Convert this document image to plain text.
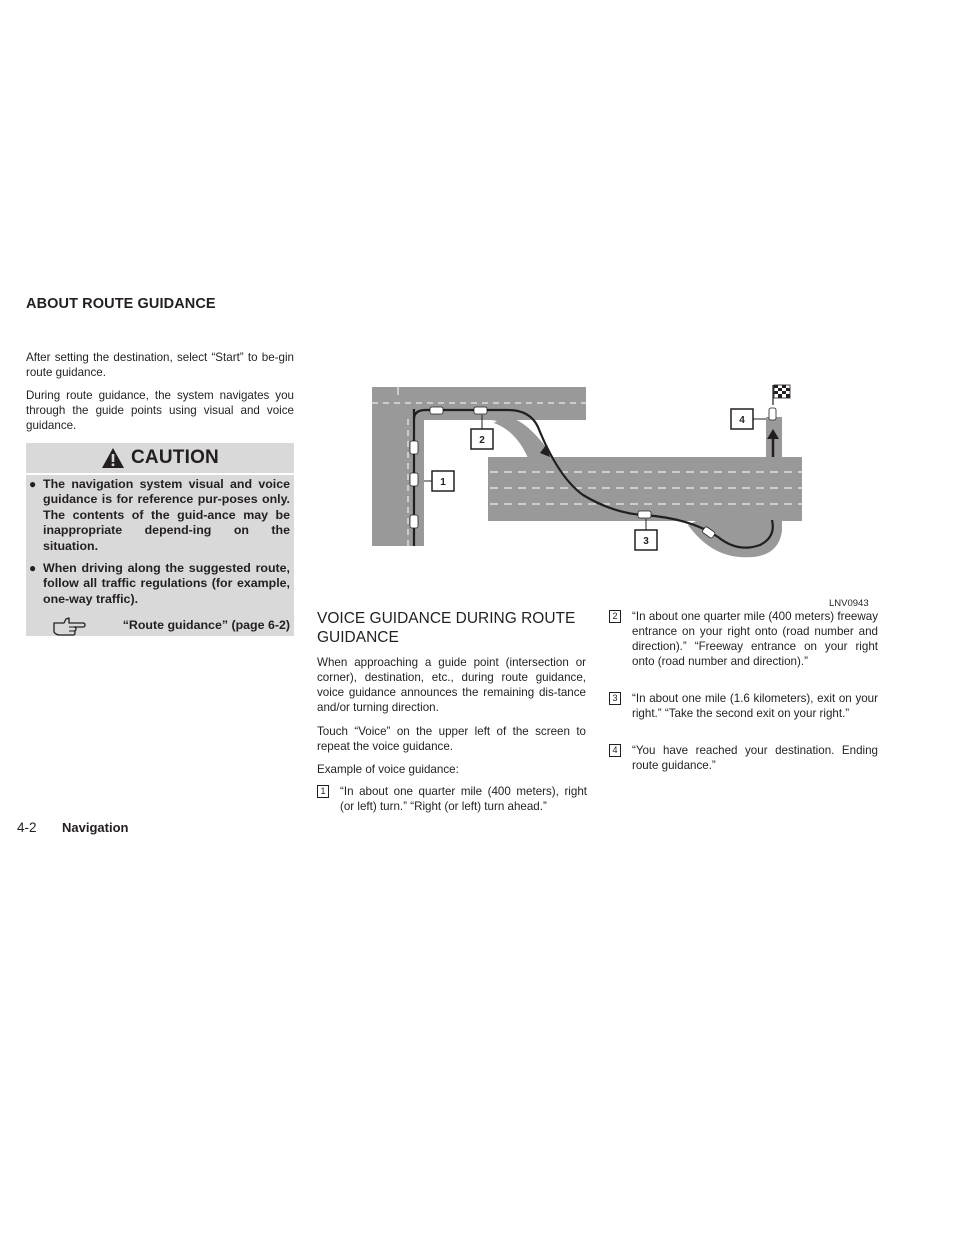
ABOUT ROUTE GUIDANCE

After setting the destination, select “Start” to be-gin route guidance.

During route guidance, the system navigates you through the guide points using visual and voice guidance.

CAUTION
● The navigation system visual and voice guidance is for reference pur-poses only. The contents of the guid-ance may be inappropriate depend-ing on the situation.
● When driving along the suggested route, follow all traffic regulations (for example, one-way traffic).
“Route guidance” (page 6-2)
1
2
3
4
LNV0943
VOICE GUIDANCE DURING ROUTE GUIDANCE

When approaching a guide point (intersection or corner), destination, etc., during route guidance, voice guidance announces the remaining dis-tance and/or turning direction.

Touch “Voice” on the upper left of the screen to repeat the voice guidance.

Example of voice guidance:

1	“In about one quarter mile (400 meters), right (or left) turn.” “Right (or left) turn ahead.”
2	“In about one quarter mile (400 meters) freeway entrance on your right onto (road number and direction).” “Freeway entrance on your right onto (road number and direction).”
3	“In about one mile (1.6 kilometers), exit on your right.” “Take the second exit on your right.”
4	“You have reached your destination. Ending route guidance.”
4-2 Navigation
